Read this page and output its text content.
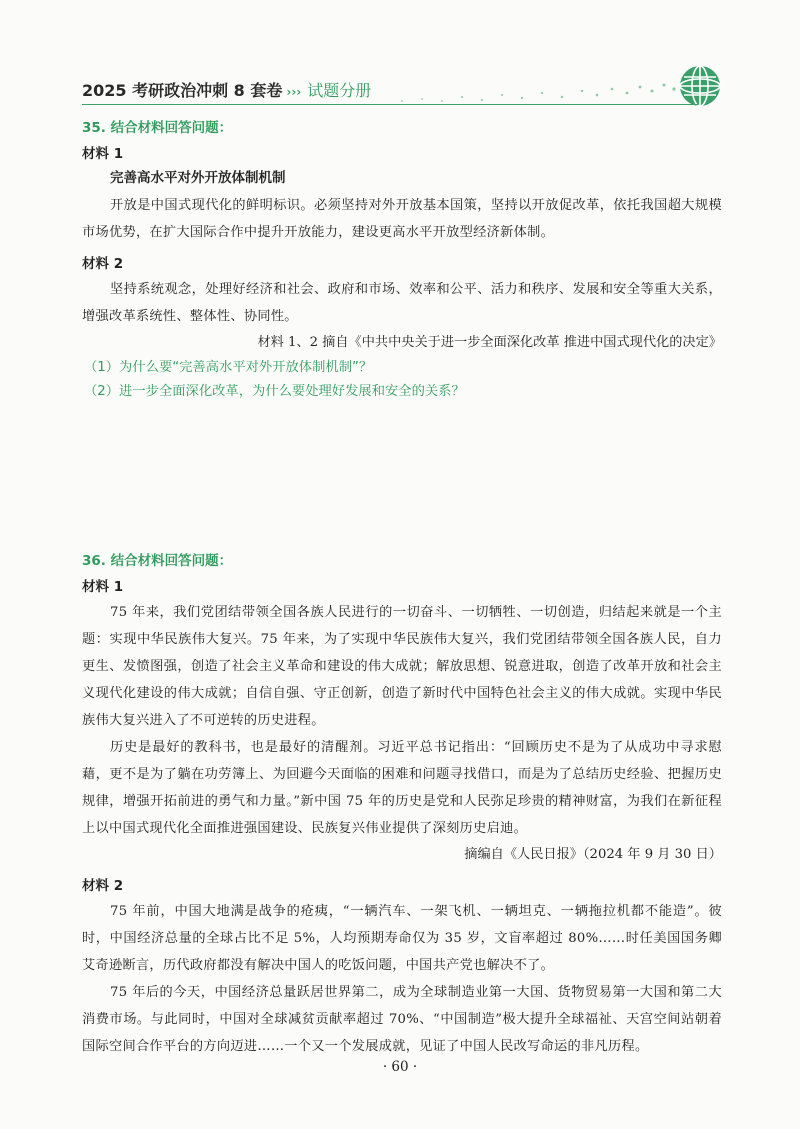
2025 考研政治冲刺 8 套卷 ››› 试题分册
35. 结合材料回答问题：
材料 1
完善高水平对外开放体制机制

开放是中国式现代化的鲜明标识。必须坚持对外开放基本国策，坚持以开放促改革，依托我国超大规模市场优势，在扩大国际合作中提升开放能力，建设更高水平开放型经济新体制。

材料 2

坚持系统观念，处理好经济和社会、政府和市场、效率和公平、活力和秩序、发展和安全等重大关系，增强改革系统性、整体性、协同性。

材料 1、2 摘自《中共中央关于进一步全面深化改革 推进中国式现代化的决定》

（1）为什么要“完善高水平对外开放体制机制”？
（2）进一步全面深化改革，为什么要处理好发展和安全的关系？
36. 结合材料回答问题：
材料 1

75 年来，我们党团结带领全国各族人民进行的一切奋斗、一切牺牲、一切创造，归结起来就是一个主题：实现中华民族伟大复兴。75 年来，为了实现中华民族伟大复兴，我们党团结带领全国各族人民，自力更生、发愤图强，创造了社会主义革命和建设的伟大成就；解放思想、锐意进取，创造了改革开放和社会主义现代化建设的伟大成就；自信自强、守正创新，创造了新时代中国特色社会主义的伟大成就。实现中华民族伟大复兴进入了不可逆转的历史进程。

历史是最好的教科书，也是最好的清醒剂。习近平总书记指出：“回顾历史不是为了从成功中寻求慰藉，更不是为了躺在功劳簿上、为回避今天面临的困难和问题寻找借口，而是为了总结历史经验、把握历史规律，增强开拓前进的勇气和力量。”新中国 75 年的历史是党和人民弥足珍贵的精神财富，为我们在新征程上以中国式现代化全面推进强国建设、民族复兴伟业提供了深刻历史启迪。

摘编自《人民日报》（2024 年 9 月 30 日）

材料 2

75 年前，中国大地满是战争的疮痍，“一辆汽车、一架飞机、一辆坦克、一辆拖拉机都不能造”。彼时，中国经济总量的全球占比不足 5%，人均预期寿命仅为 35 岁，文盲率超过 80%……时任美国国务卿艾奇逊断言，历代政府都没有解决中国人的吃饭问题，中国共产党也解决不了。

75 年后的今天，中国经济总量跃居世界第二，成为全球制造业第一大国、货物贸易第一大国和第二大消费市场。与此同时，中国对全球减贫贡献率超过 70%、“中国制造”极大提升全球福祉、天宫空间站朝着国际空间合作平台的方向迈进……一个又一个发展成就，见证了中国人民改写命运的非凡历程。

· 60 ·
